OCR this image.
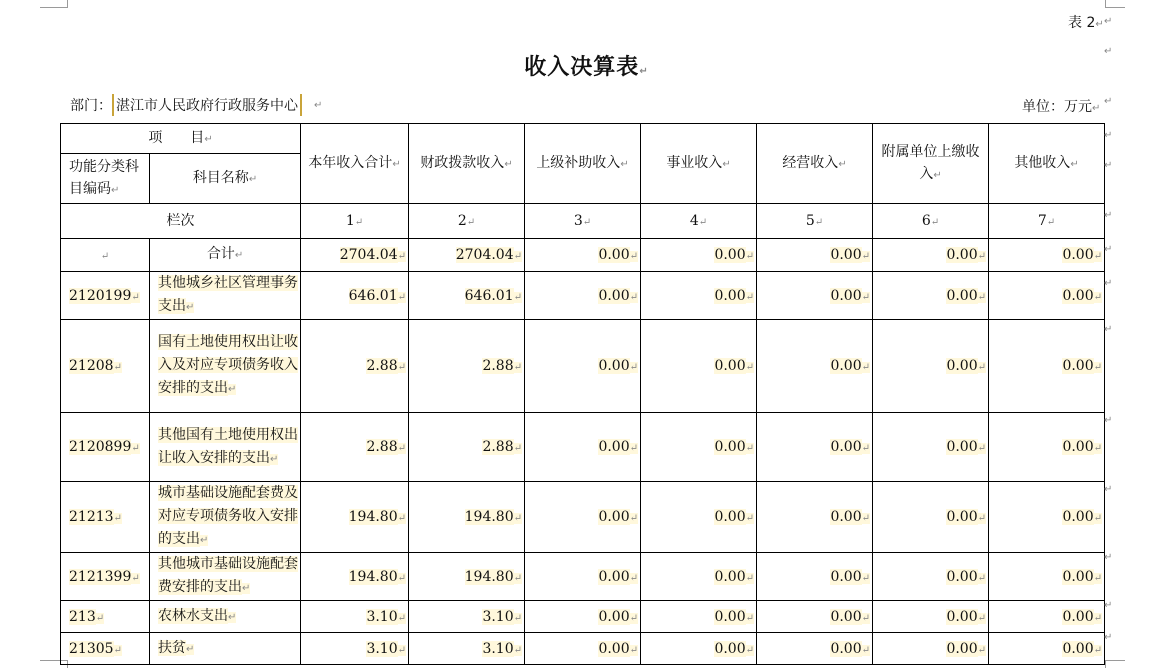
表 2↵
收入决算表↵
部门： 湛江市人民政府行政服务中心	↵	单位：万元↵
项　　目↵		本年收入合计↵	财政拨款收入↵	上级补助收入↵	事业收入↵	经营收入↵	附属单位上缴收入↵	其他收入↵
功能分类科目编码↵	科目名称↵							
栏次		1↵	2↵	3↵	4↵	5↵	6↵	7↵
↵	合计↵	2704.04↵	2704.04↵	0.00↵	0.00↵	0.00↵	0.00↵	0.00↵
2120199↵	其他城乡社区管理事务支出↵	646.01↵	646.01↵	0.00↵	0.00↵	0.00↵	0.00↵	0.00↵
21208↵	国有土地使用权出让收入及对应专项债务收入安排的支出↵	2.88↵	2.88↵	0.00↵	0.00↵	0.00↵	0.00↵	0.00↵
2120899↵	其他国有土地使用权出让收入安排的支出↵	2.88↵	2.88↵	0.00↵	0.00↵	0.00↵	0.00↵	0.00↵
21213↵	城市基础设施配套费及对应专项债务收入安排的支出↵	194.80↵	194.80↵	0.00↵	0.00↵	0.00↵	0.00↵	0.00↵
2121399↵	其他城市基础设施配套费安排的支出↵	194.80↵	194.80↵	0.00↵	0.00↵	0.00↵	0.00↵	0.00↵
213↵	农林水支出↵	3.10↵	3.10↵	0.00↵	0.00↵	0.00↵	0.00↵	0.00↵
21305↵	扶贫↵	3.10↵	3.10↵	0.00↵	0.00↵	0.00↵	0.00↵	0.00↵
↵
↵
↵
↵
↵
↵
↵
↵
↵
↵
↵
↵
↵
↵
